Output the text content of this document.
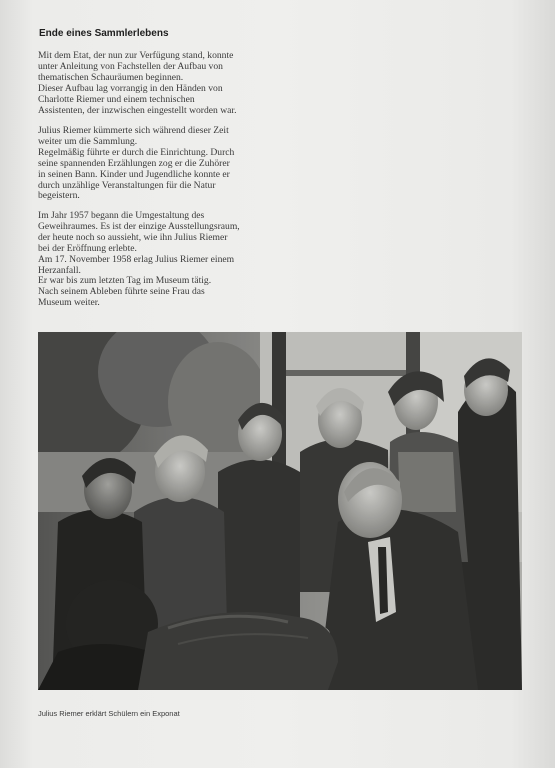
Ende eines Sammlerlebens

Mit dem Etat, der nun zur Verfügung stand, konnte
unter Anleitung von Fachstellen der Aufbau von
thematischen Schauräumen beginnen.
Dieser Aufbau lag vorrangig in den Händen von
Charlotte Riemer und einem technischen
Assistenten, der inzwischen eingestellt worden war.

Julius Riemer kümmerte sich während dieser Zeit
weiter um die Sammlung.
Regelmäßig führte er durch die Einrichtung. Durch
seine spannenden Erzählungen zog er die Zuhörer
in seinen Bann. Kinder und Jugendliche konnte er
durch unzählige Veranstaltungen für die Natur
begeistern.

Im Jahr 1957 begann die Umgestaltung des
Geweihraumes. Es ist der einzige Ausstellungsraum,
der heute noch so aussieht, wie ihn Julius Riemer
bei der Eröffnung erlebte.
Am 17. November 1958 erlag Julius Riemer einem
Herzanfall.
Er war bis zum letzten Tag im Museum tätig.
Nach seinem Ableben führte seine Frau das
Museum weiter.

Julius Riemer erklärt Schülern ein Exponat
